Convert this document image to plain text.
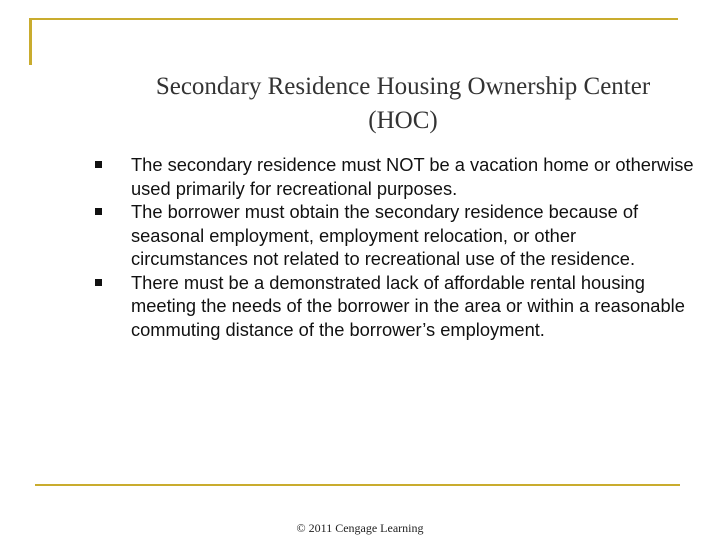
Secondary Residence Housing Ownership Center
(HOC)
The secondary residence must NOT be a vacation home or otherwise used primarily for recreational purposes.
The borrower must obtain the secondary residence because of seasonal employment, employment relocation, or other circumstances not related to recreational use of the residence.
There must be a demonstrated lack of affordable rental housing meeting the needs of the borrower in the area or within a reasonable commuting distance of the borrower’s employment.
© 2011 Cengage Learning
